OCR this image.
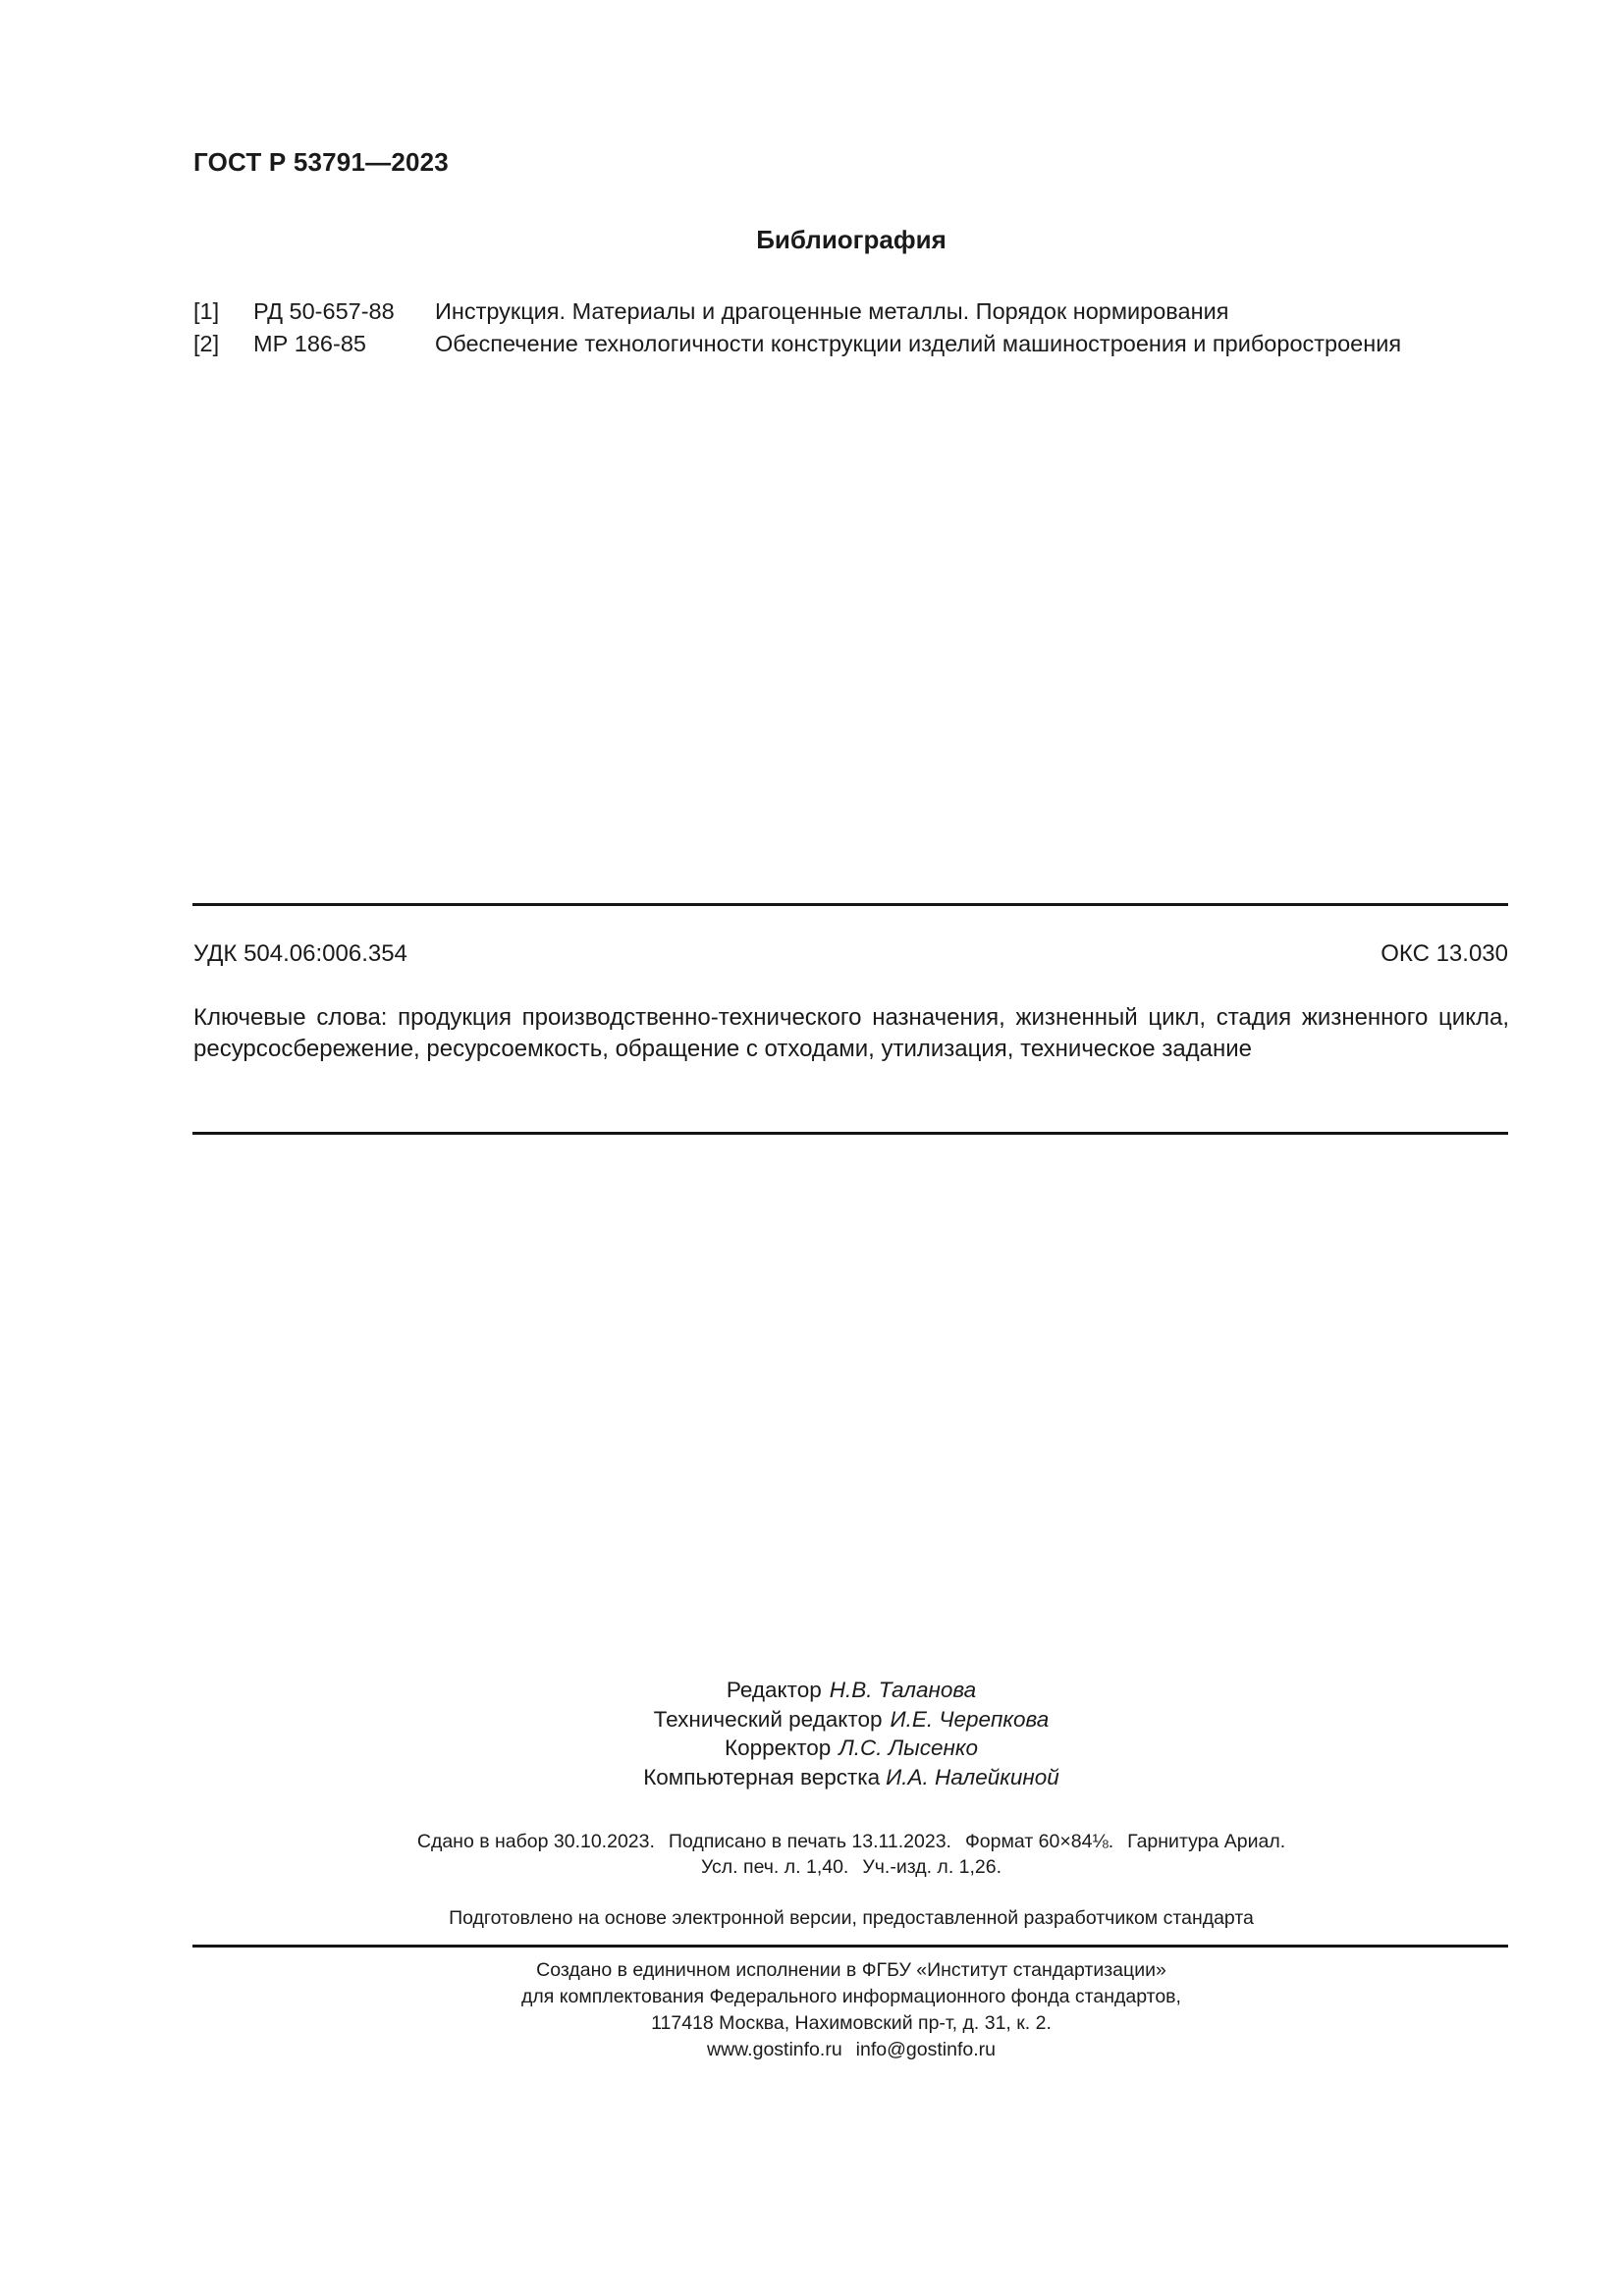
ГОСТ Р 53791—2023
Библиография
[1]	РД 50-657-88	Инструкция. Материалы и драгоценные металлы. Порядок нормирования
[2]	МР 186-85	Обеспечение технологичности конструкции изделий машиностроения и приборостроения
УДК 504.06:006.354	ОКС 13.030
Ключевые слова: продукция производственно-технического назначения, жизненный цикл, стадия жизненного цикла, ресурсосбережение, ресурсоемкость, обращение с отходами, утилизация, техническое задание
Редактор Н.В. Таланова
Технический редактор И.Е. Черепкова
Корректор Л.С. Лысенко
Компьютерная верстка И.А. Налейкиной
Сдано в набор 30.10.2023. Подписано в печать 13.11.2023. Формат 60×84⅛. Гарнитура Ариал.
Усл. печ. л. 1,40. Уч.-изд. л. 1,26.
Подготовлено на основе электронной версии, предоставленной разработчиком стандарта
Создано в единичном исполнении в ФГБУ «Институт стандартизации»
для комплектования Федерального информационного фонда стандартов,
117418 Москва, Нахимовский пр-т, д. 31, к. 2.
www.gostinfo.ru info@gostinfo.ru
